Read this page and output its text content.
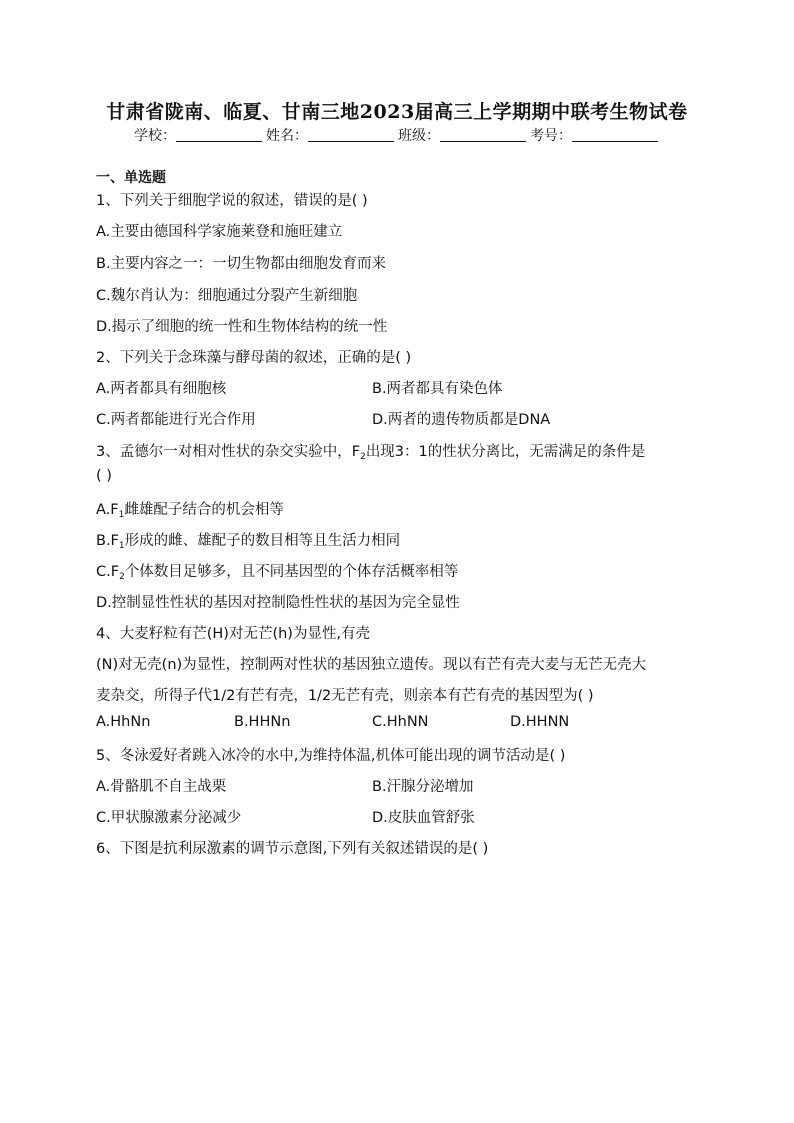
甘肃省陇南、临夏、甘南三地2023届高三上学期期中联考生物试卷
学校：	姓名：	班级：	考号：
一、单选题
1、下列关于细胞学说的叙述，错误的是( )
A.主要由德国科学家施莱登和施旺建立
B.主要内容之一：一切生物都由细胞发育而来
C.魏尔肖认为：细胞通过分裂产生新细胞
D.揭示了细胞的统一性和生物体结构的统一性
2、下列关于念珠藻与酵母菌的叙述，正确的是( )
A.两者都具有细胞核	B.两者都具有染色体
C.两者都能进行光合作用	D.两者的遗传物质都是DNA
3、孟德尔一对相对性状的杂交实验中，$F_2$出现3：1的性状分离比，无需满足的条件是
( )
$A.F_1$雌雄配子结合的机会相等
$B.F_1$形成的雌、雄配子的数目相等且生活力相同
$C.F_2$个体数目足够多，且不同基因型的个体存活概率相等
D.控制显性性状的基因对控制隐性性状的基因为完全显性
4、大麦籽粒有芒(H)对无芒(h)为显性,有壳
(N)对无壳(n)为显性，控制两对性状的基因独立遗传。现以有芒有壳大麦与无芒无壳大
麦杂交，所得子代1/2有芒有壳，1/2无芒有壳，则亲本有芒有壳的基因型为( )
A.HhNn	B.HHNn	C.HhNN	D.HHNN
5、冬泳爱好者跳入冰冷的水中,为维持体温,机体可能出现的调节活动是( )
A.骨骼肌不自主战栗	B.汗腺分泌增加
C.甲状腺激素分泌减少	D.皮肤血管舒张
6、下图是抗利尿激素的调节示意图,下列有关叙述错误的是( )
